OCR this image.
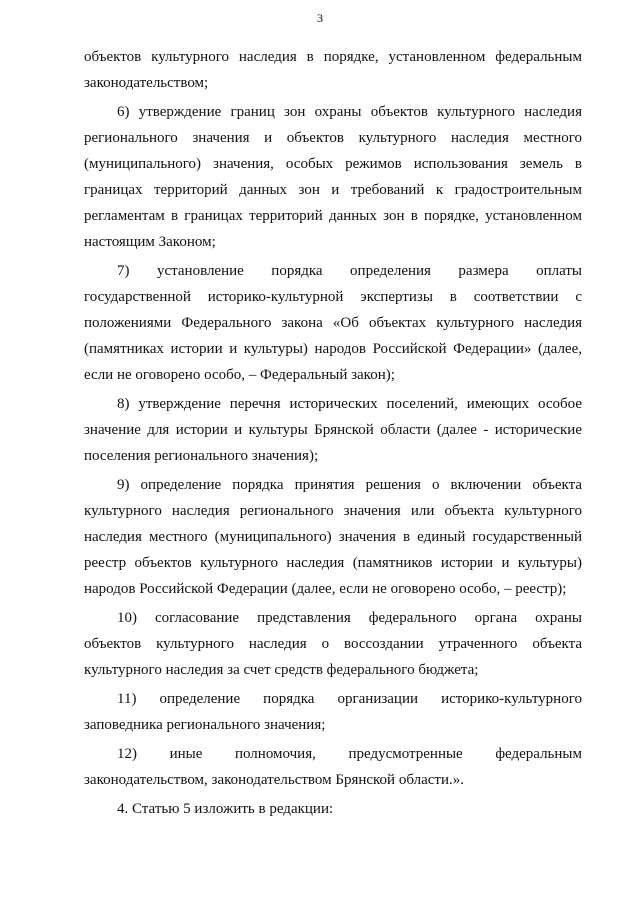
3
объектов культурного наследия в порядке, установленном федеральным
законодательством;
6) утверждение границ зон охраны объектов культурного наследия
регионального значения и объектов культурного наследия местного
(муниципального) значения, особых режимов использования земель в
границах территорий данных зон и требований к градостроительным
регламентам в границах территорий данных зон в порядке, установленном
настоящим Законом;
7) установление порядка определения размера оплаты
государственной историко-культурной экспертизы в соответствии с
положениями Федерального закона «Об объектах культурного наследия
(памятниках истории и культуры) народов Российской Федерации» (далее,
если не оговорено особо, – Федеральный закон);
8) утверждение перечня исторических поселений, имеющих особое
значение для истории и культуры Брянской области (далее - исторические
поселения регионального значения);
9) определение порядка принятия решения о включении объекта
культурного наследия регионального значения или объекта культурного
наследия местного (муниципального) значения в единый государственный
реестр объектов культурного наследия (памятников истории и культуры)
народов Российской Федерации (далее, если не оговорено особо, – реестр);
10) согласование представления федерального органа охраны
объектов культурного наследия о воссоздании утраченного объекта
культурного наследия за счет средств федерального бюджета;
11) определение порядка организации историко-культурного
заповедника регионального значения;
12) иные полномочия, предусмотренные федеральным
законодательством, законодательством Брянской области.».
4. Статью 5 изложить в редакции:
